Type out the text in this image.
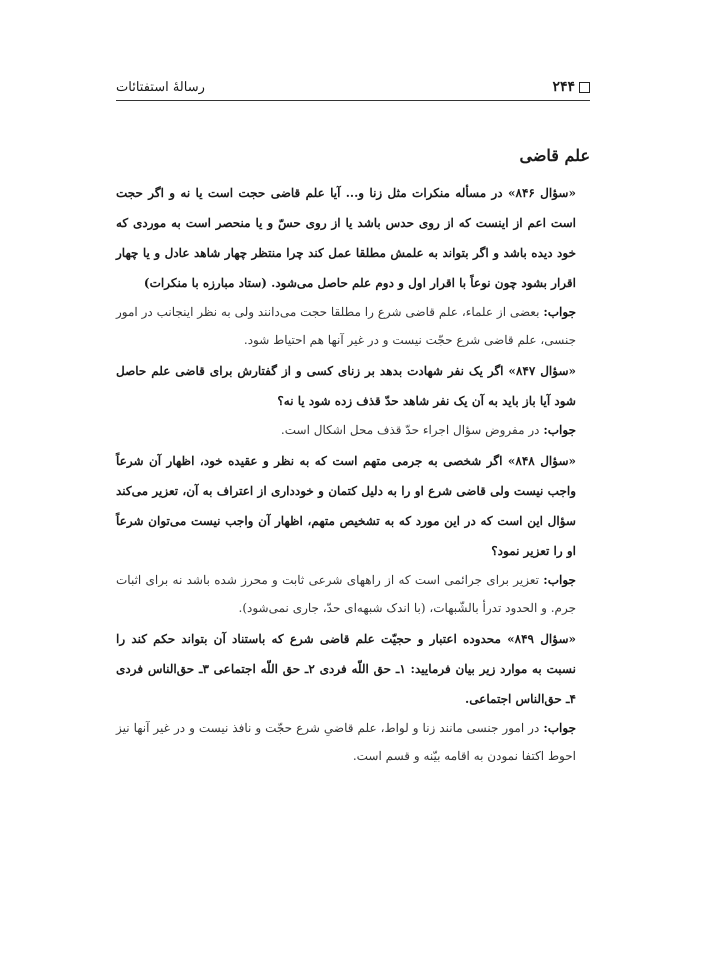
۲۴۴
رسالهٔ استفتائات
علم قاضی

«سؤال ۸۴۶» در مسأله منکرات مثل زنا و... آیا علم قاضی حجت است یا نه و اگر حجت است اعم از اینست که از روی حدس باشد یا از روی حسّ و یا منحصر است به موردی که خود دیده باشد و اگر بتواند به علمش مطلقا عمل کند چرا منتظر چهار شاهد عادل و یا چهار اقرار بشود چون نوعاً با اقرار اول و دوم علم حاصل می‌شود. (ستاد مبارزه با منکرات)

جواب: بعضی از علماء، علم قاضی شرع را مطلقا حجت می‌دانند ولی به نظر اینجانب در امور جنسی، علم قاضی شرع حجّت نیست و در غیر آنها هم احتیاط شود.

«سؤال ۸۴۷» اگر یک نفر شهادت بدهد بر زنای کسی و از گفتارش برای قاضی علم حاصل شود آیا باز باید به آن یک نفر شاهد حدّ قذف زده شود یا نه؟

جواب: در مفروض سؤال اجراء حدّ قذف محل اشکال است.

«سؤال ۸۴۸» اگر شخصی به جرمی متهم است که به نظر و عقیده خود، اظهار آن شرعاً واجب نیست ولی قاضی شرع او را به دلیل کتمان و خودداری از اعتراف به آن، تعزیر می‌کند سؤال این است که در این مورد که به تشخیص متهم، اظهار آن واجب نیست می‌توان شرعاً او را تعزیر نمود؟

جواب: تعزیر برای جرائمی است که از راههای شرعی ثابت و محرز شده باشد نه برای اثبات جرم. و الحدود تدرأ بالشّبهات، (با اندک شبهه‌ای حدّ، جاری نمی‌شود).

«سؤال ۸۴۹» محدوده اعتبار و حجیّت علم قاضی شرع که باستناد آن بتواند حکم کند را نسبت به موارد زیر بیان فرمایید: ۱ـ حق اللّه فردی ۲ـ حق اللّه اجتماعی ۳ـ حق‌الناس فردی ۴ـ حق‌الناس اجتماعی.

جواب: در امور جنسی مانند زنا و لواط، علم قاضیِ شرع حجّت و نافذ نیست و در غیر آنها نیز احوط اکتفا نمودن به اقامه بیّنه و قسم است.
